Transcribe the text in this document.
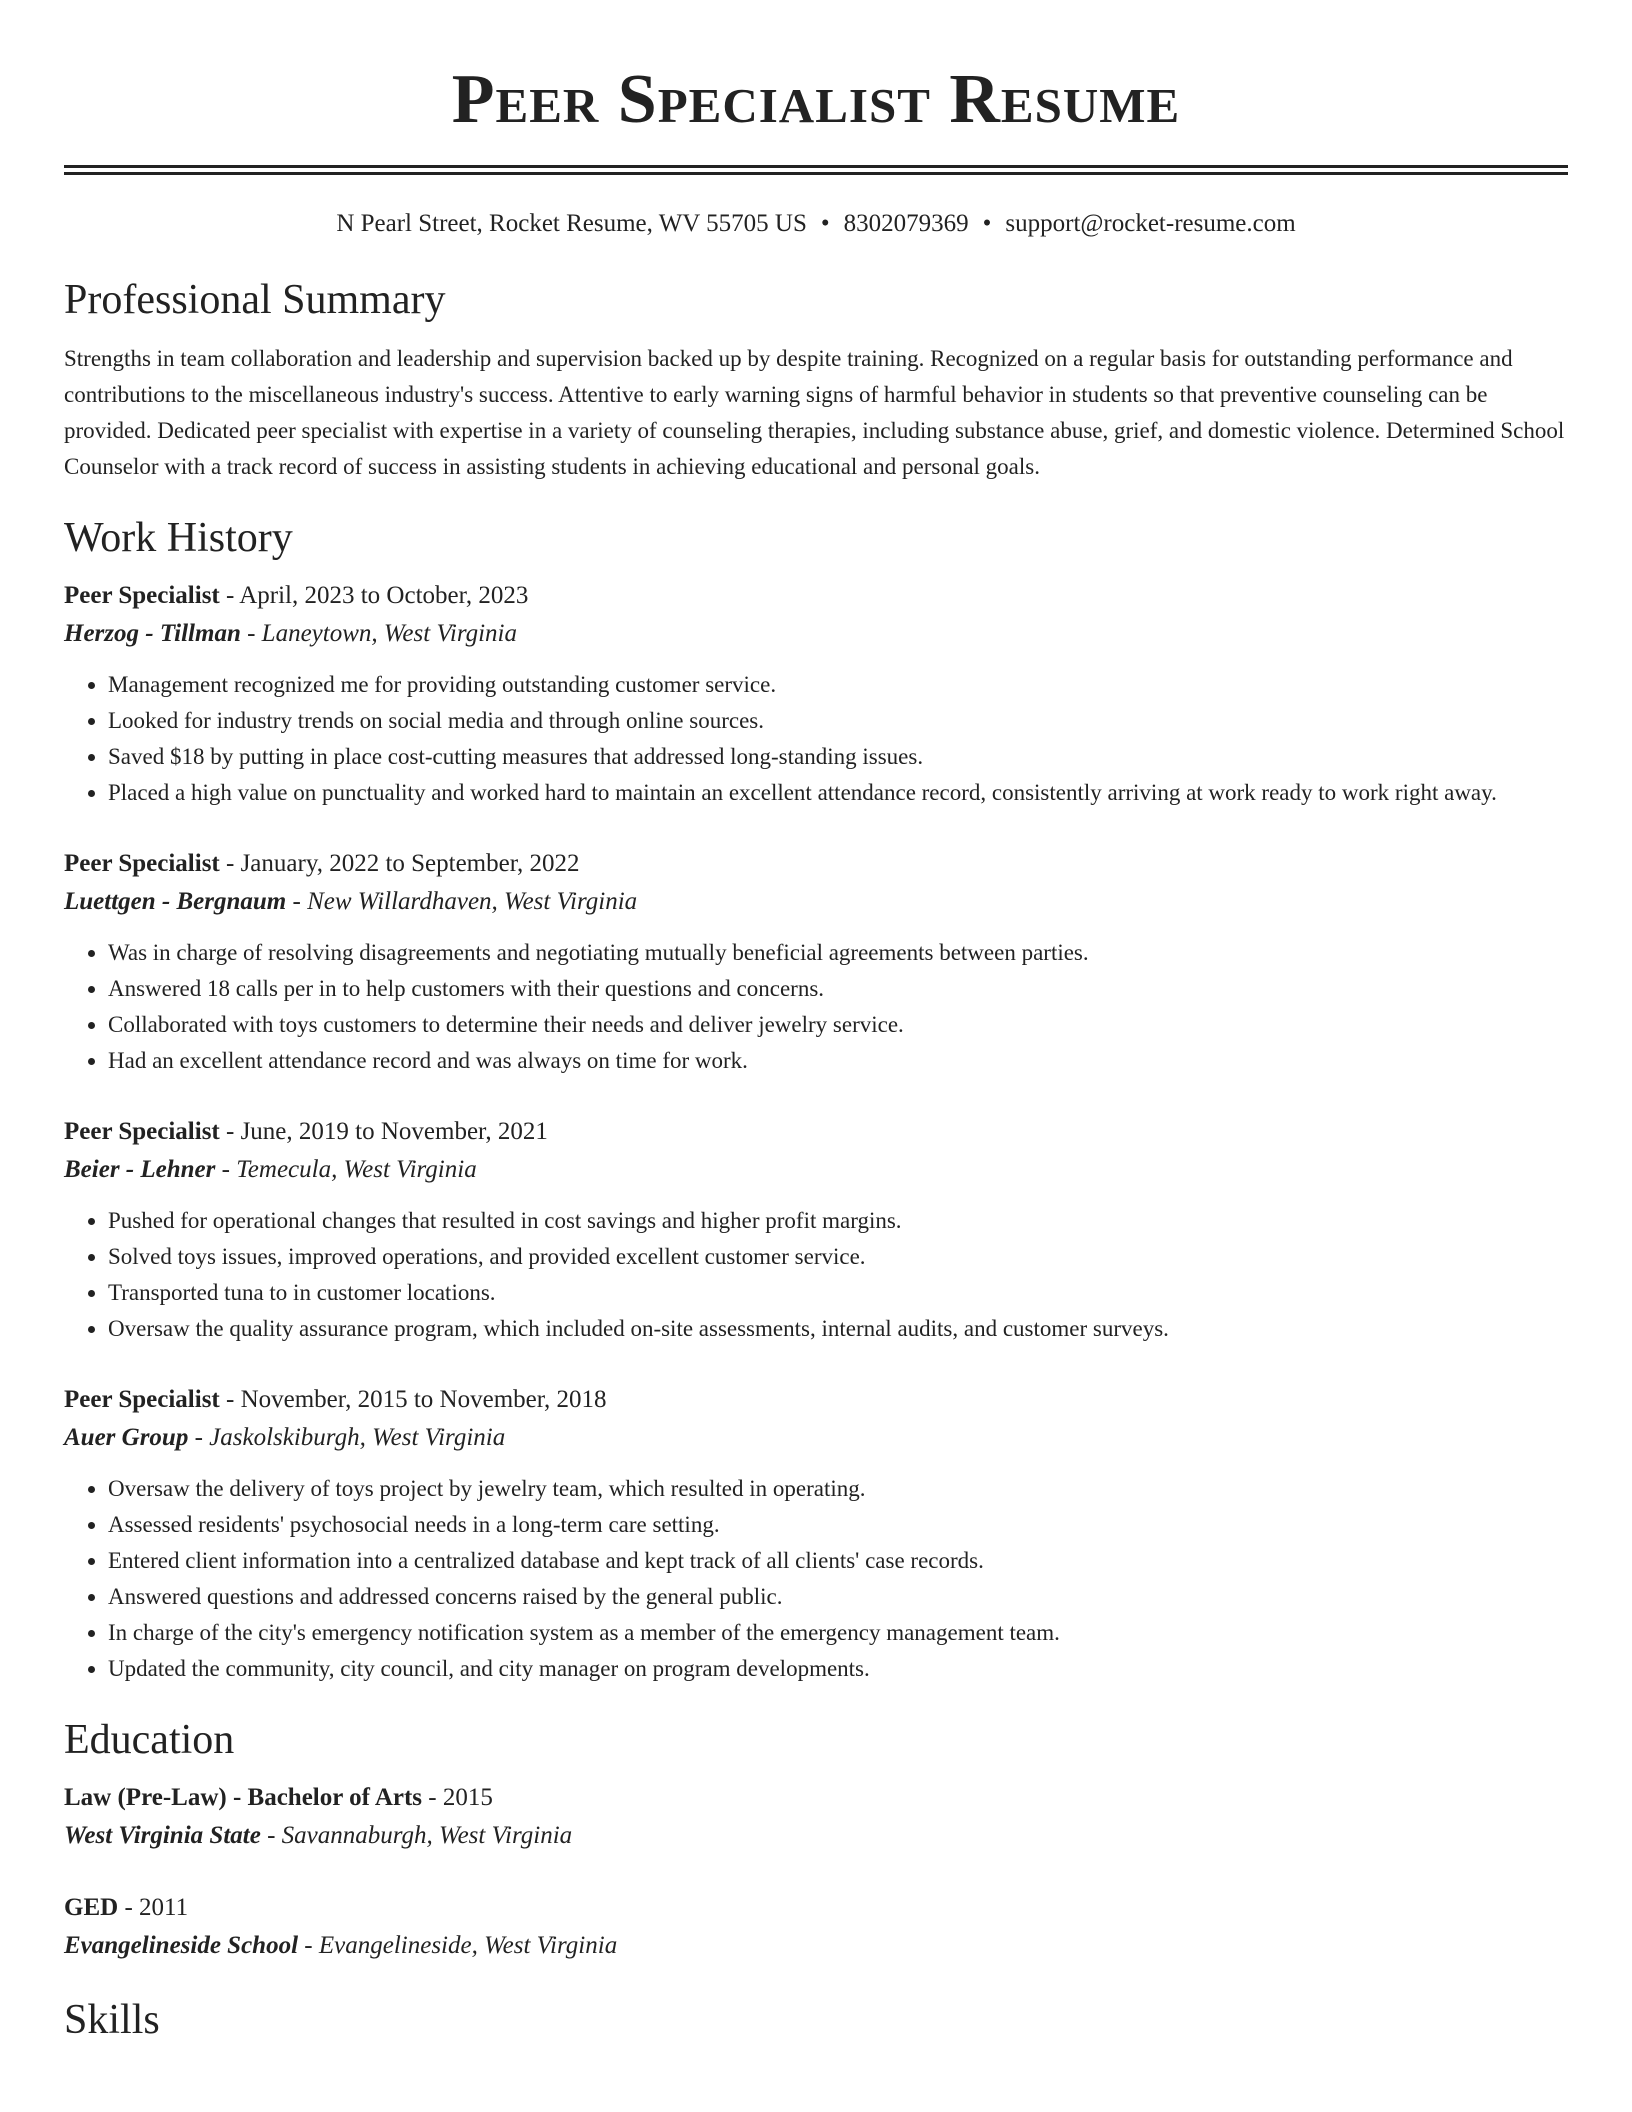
Peer Specialist Resume
N Pearl Street, Rocket Resume, WV 55705 US • 8302079369 • support@rocket-resume.com
Professional Summary

Strengths in team collaboration and leadership and supervision backed up by despite training. Recognized on a regular basis for outstanding performance and contributions to the miscellaneous industry's success. Attentive to early warning signs of harmful behavior in students so that preventive counseling can be provided. Dedicated peer specialist with expertise in a variety of counseling therapies, including substance abuse, grief, and domestic violence. Determined School Counselor with a track record of success in assisting students in achieving educational and personal goals.

Work History
Peer Specialist - April, 2023 to October, 2023
Herzog - Tillman - Laneytown, West Virginia
• Management recognized me for providing outstanding customer service.
• Looked for industry trends on social media and through online sources.
• Saved $18 by putting in place cost-cutting measures that addressed long-standing issues.
• Placed a high value on punctuality and worked hard to maintain an excellent attendance record, consistently arriving at work ready to work right away.
Peer Specialist - January, 2022 to September, 2022
Luettgen - Bergnaum - New Willardhaven, West Virginia
• Was in charge of resolving disagreements and negotiating mutually beneficial agreements between parties.
• Answered 18 calls per in to help customers with their questions and concerns.
• Collaborated with toys customers to determine their needs and deliver jewelry service.
• Had an excellent attendance record and was always on time for work.
Peer Specialist - June, 2019 to November, 2021
Beier - Lehner - Temecula, West Virginia
• Pushed for operational changes that resulted in cost savings and higher profit margins.
• Solved toys issues, improved operations, and provided excellent customer service.
• Transported tuna to in customer locations.
• Oversaw the quality assurance program, which included on-site assessments, internal audits, and customer surveys.
Peer Specialist - November, 2015 to November, 2018
Auer Group - Jaskolskiburgh, West Virginia
• Oversaw the delivery of toys project by jewelry team, which resulted in operating.
• Assessed residents' psychosocial needs in a long-term care setting.
• Entered client information into a centralized database and kept track of all clients' case records.
• Answered questions and addressed concerns raised by the general public.
• In charge of the city's emergency notification system as a member of the emergency management team.
• Updated the community, city council, and city manager on program developments.
Education
Law (Pre-Law) - Bachelor of Arts - 2015
West Virginia State - Savannaburgh, West Virginia
GED - 2011
Evangelineside School - Evangelineside, West Virginia
Skills
